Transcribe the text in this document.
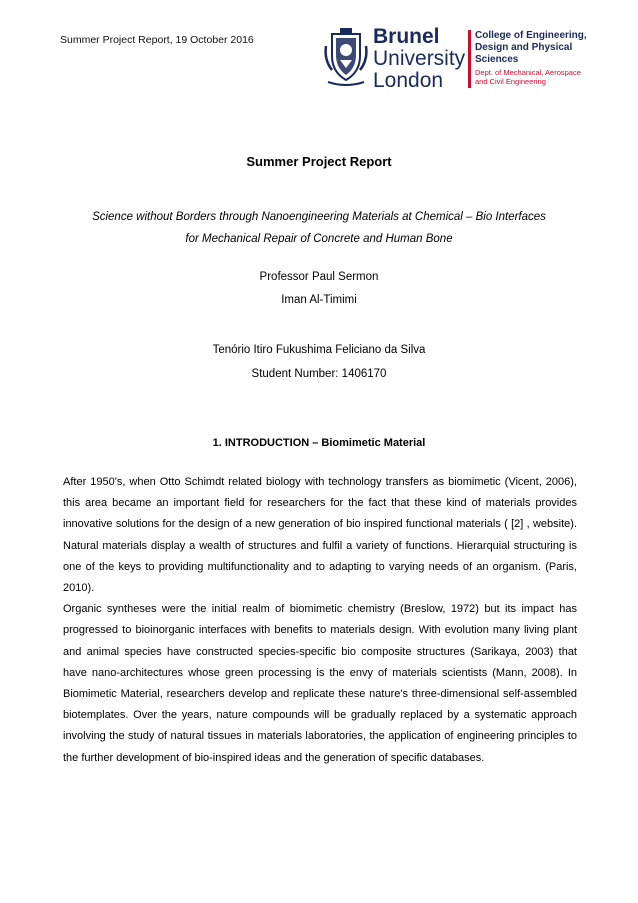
Summer Project Report, 19 October 2016	Brunel
University
London
College of Engineering,
Design and Physical
Sciences
Dept. of Mechanical, Aerospace
and Civil Engineering
Summer Project Report
Science without Borders through Nanoengineering Materials at Chemical – Bio Interfaces
for Mechanical Repair of Concrete and Human Bone
Professor Paul Sermon
Iman Al-Timimi
Tenório Itiro Fukushima Feliciano da Silva
Student Number: 1406170
1. INTRODUCTION – Biomimetic Material

After 1950's, when Otto Schimdt related biology with technology transfers as biomimetic (Vicent, 2006), this area became an important field for researchers for the fact that these kind of materials provides innovative solutions for the design of a new generation of bio inspired functional materials ( [2] , website). Natural materials display a wealth of structures and fulfil a variety of functions. Hierarquial structuring is one of the keys to providing multifunctionality and to adapting to varying needs of an organism. (Paris, 2010).

Organic syntheses were the initial realm of biomimetic chemistry (Breslow, 1972) but its impact has progressed to bioinorganic interfaces with benefits to materials design. With evolution many living plant and animal species have constructed species-specific bio composite structures (Sarikaya, 2003) that have nano-architectures whose green processing is the envy of materials scientists (Mann, 2008). In Biomimetic Material, researchers develop and replicate these nature's three-dimensional self-assembled biotemplates. Over the years, nature compounds will be gradually replaced by a systematic approach involving the study of natural tissues in materials laboratories, the application of engineering principles to the further development of bio-inspired ideas and the generation of specific databases.
